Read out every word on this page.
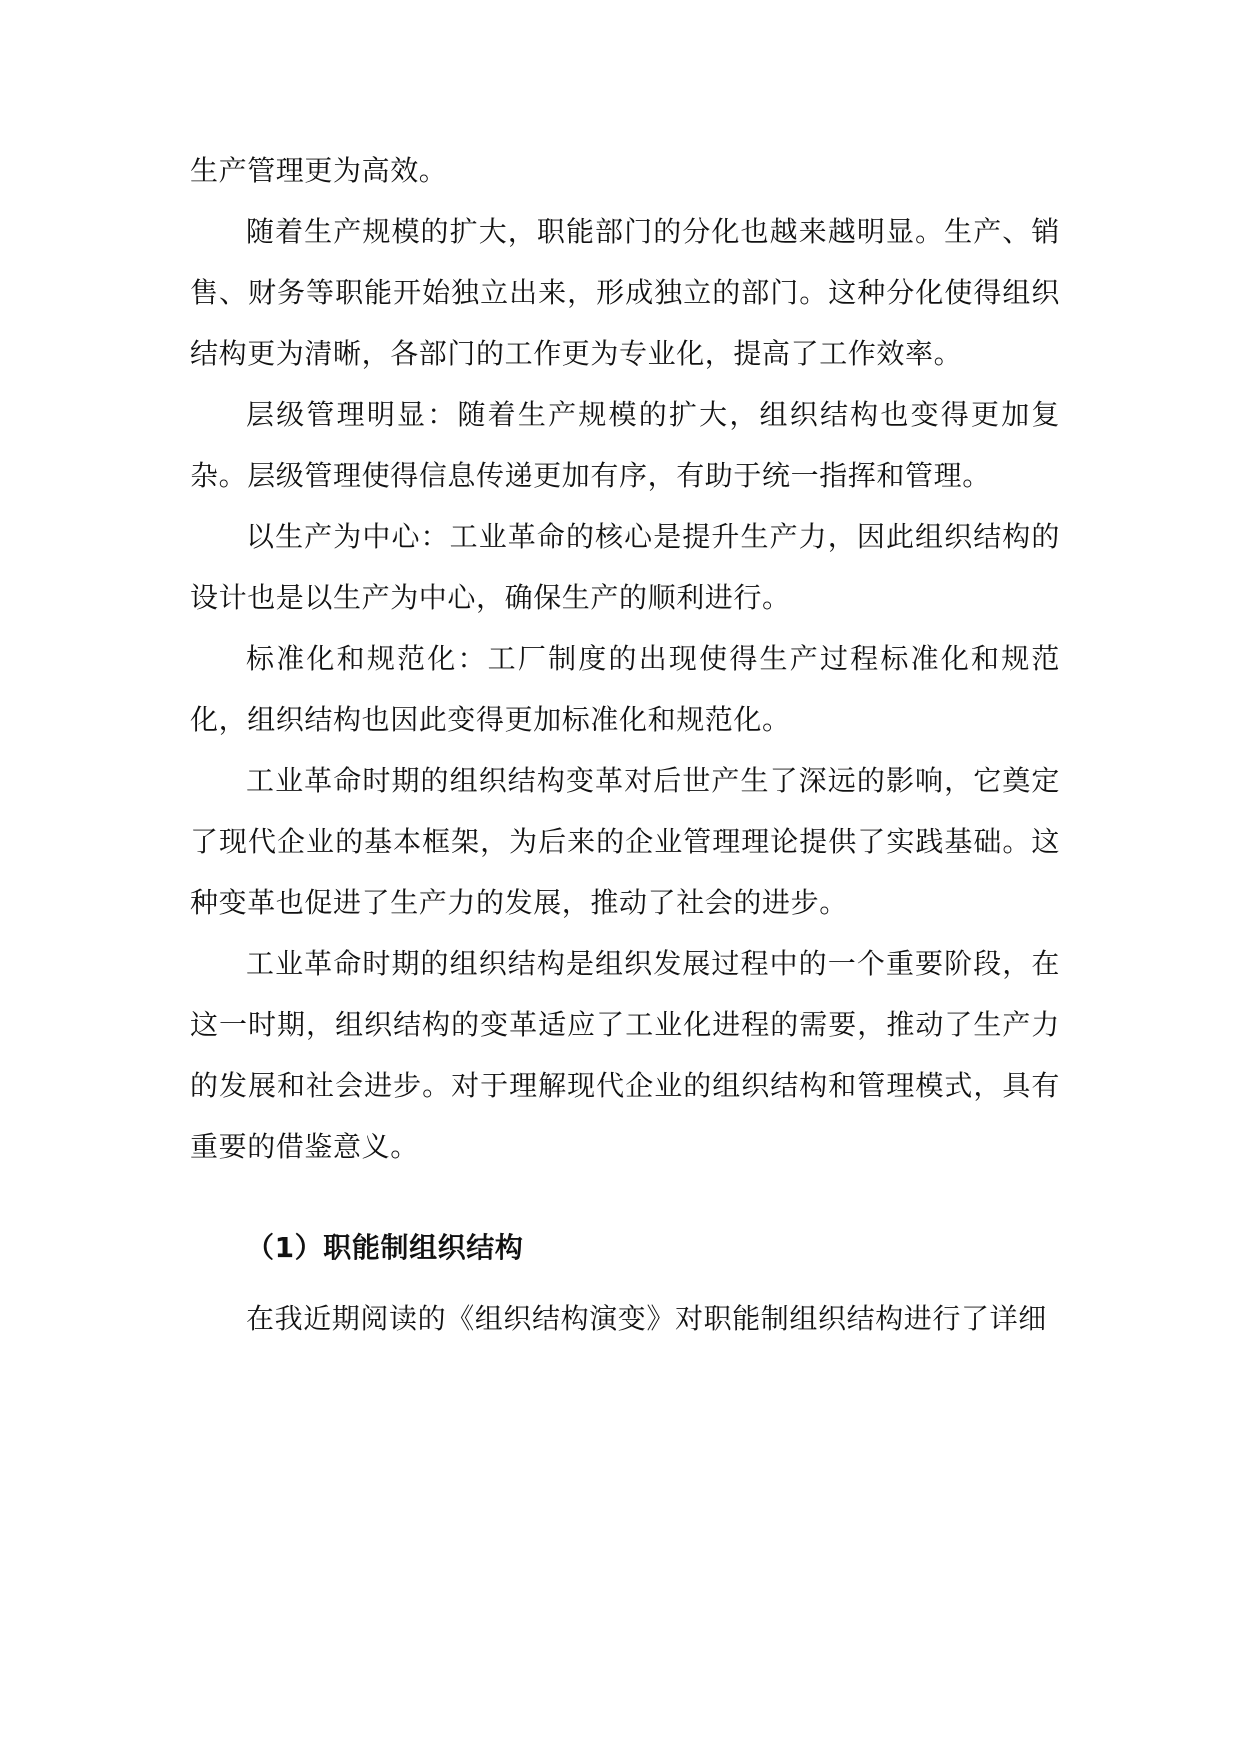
生产管理更为高效。

随着生产规模的扩大，职能部门的分化也越来越明显。生产、销售、财务等职能开始独立出来，形成独立的部门。这种分化使得组织结构更为清晰，各部门的工作更为专业化，提高了工作效率。

层级管理明显：随着生产规模的扩大，组织结构也变得更加复杂。层级管理使得信息传递更加有序，有助于统一指挥和管理。

以生产为中心：工业革命的核心是提升生产力，因此组织结构的设计也是以生产为中心，确保生产的顺利进行。

标准化和规范化：工厂制度的出现使得生产过程标准化和规范化，组织结构也因此变得更加标准化和规范化。

工业革命时期的组织结构变革对后世产生了深远的影响，它奠定了现代企业的基本框架，为后来的企业管理理论提供了实践基础。这种变革也促进了生产力的发展，推动了社会的进步。

工业革命时期的组织结构是组织发展过程中的一个重要阶段，在这一时期，组织结构的变革适应了工业化进程的需要，推动了生产力的发展和社会进步。对于理解现代企业的组织结构和管理模式，具有重要的借鉴意义。

（1）职能制组织结构

在我近期阅读的《组织结构演变》对职能制组织结构进行了详细
